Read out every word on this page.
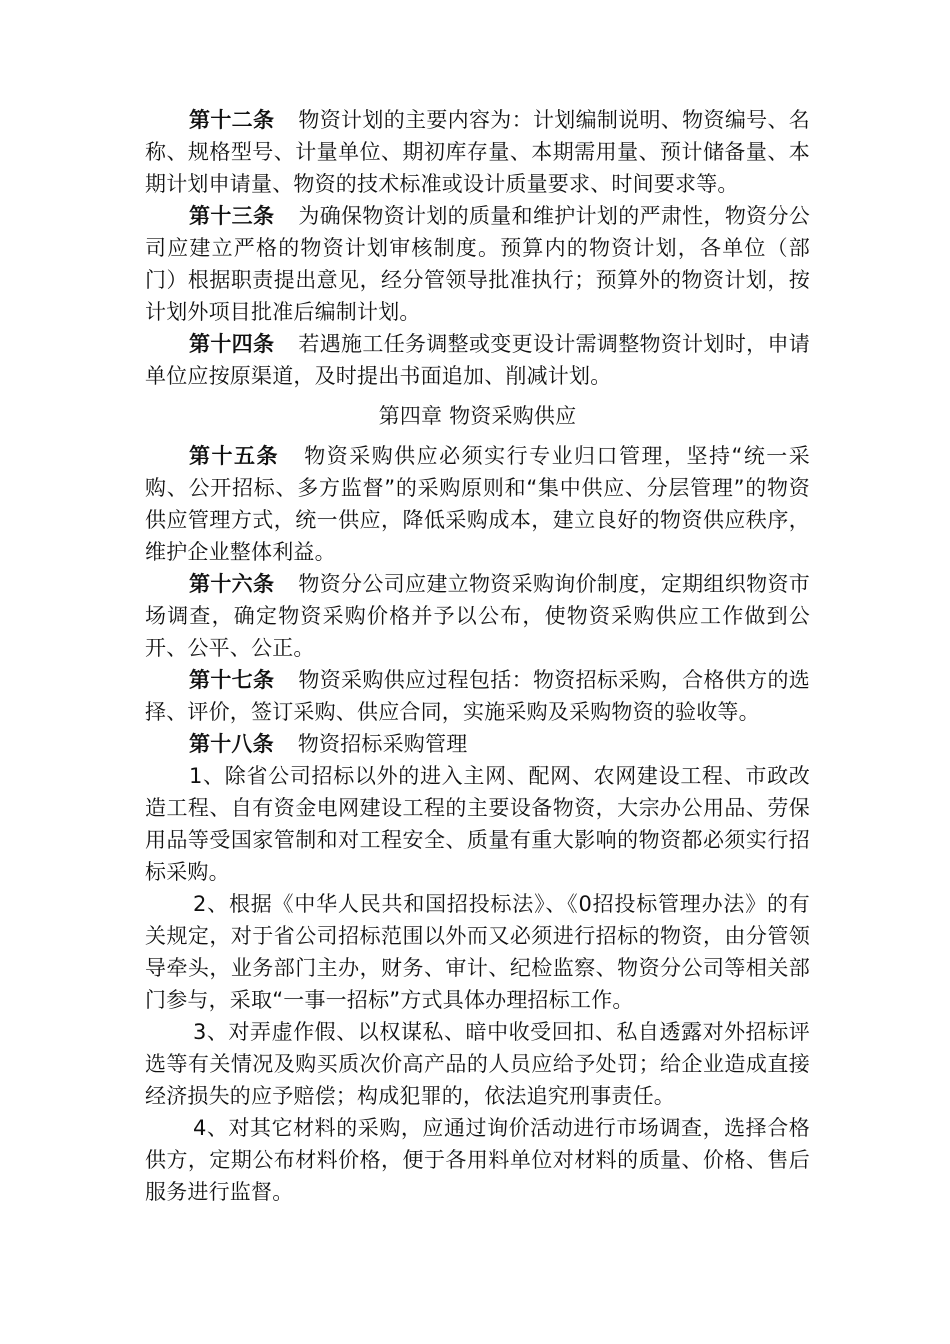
第十二条 物资计划的主要内容为：计划编制说明、物资编号、名称、规格型号、计量单位、期初库存量、本期需用量、预计储备量、本期计划申请量、物资的技术标准或设计质量要求、时间要求等。

第十三条 为确保物资计划的质量和维护计划的严肃性，物资分公司应建立严格的物资计划审核制度。预算内的物资计划，各单位（部门）根据职责提出意见，经分管领导批准执行；预算外的物资计划，按计划外项目批准后编制计划。

第十四条 若遇施工任务调整或变更设计需调整物资计划时，申请单位应按原渠道，及时提出书面追加、削减计划。

第四章 物资采购供应

第十五条 物资采购供应必须实行专业归口管理，坚持“统一采购、公开招标、多方监督”的采购原则和“集中供应、分层管理”的物资供应管理方式，统一供应，降低采购成本，建立良好的物资供应秩序，维护企业整体利益。

第十六条 物资分公司应建立物资采购询价制度，定期组织物资市场调查，确定物资采购价格并予以公布，使物资采购供应工作做到公开、公平、公正。

第十七条 物资采购供应过程包括：物资招标采购，合格供方的选择、评价，签订采购、供应合同，实施采购及采购物资的验收等。

第十八条 物资招标采购管理

1、除省公司招标以外的进入主网、配网、农网建设工程、市政改造工程、自有资金电网建设工程的主要设备物资，大宗办公用品、劳保用品等受国家管制和对工程安全、质量有重大影响的物资都必须实行招标采购。

2、根据《中华人民共和国招投标法》、《0招投标管理办法》的有关规定，对于省公司招标范围以外而又必须进行招标的物资，由分管领导牵头，业务部门主办，财务、审计、纪检监察、物资分公司等相关部门参与，采取“一事一招标”方式具体办理招标工作。

3、对弄虚作假、以权谋私、暗中收受回扣、私自透露对外招标评选等有关情况及购买质次价高产品的人员应给予处罚；给企业造成直接经济损失的应予赔偿；构成犯罪的，依法追究刑事责任。

4、对其它材料的采购，应通过询价活动进行市场调查，选择合格供方，定期公布材料价格，便于各用料单位对材料的质量、价格、售后服务进行监督。
